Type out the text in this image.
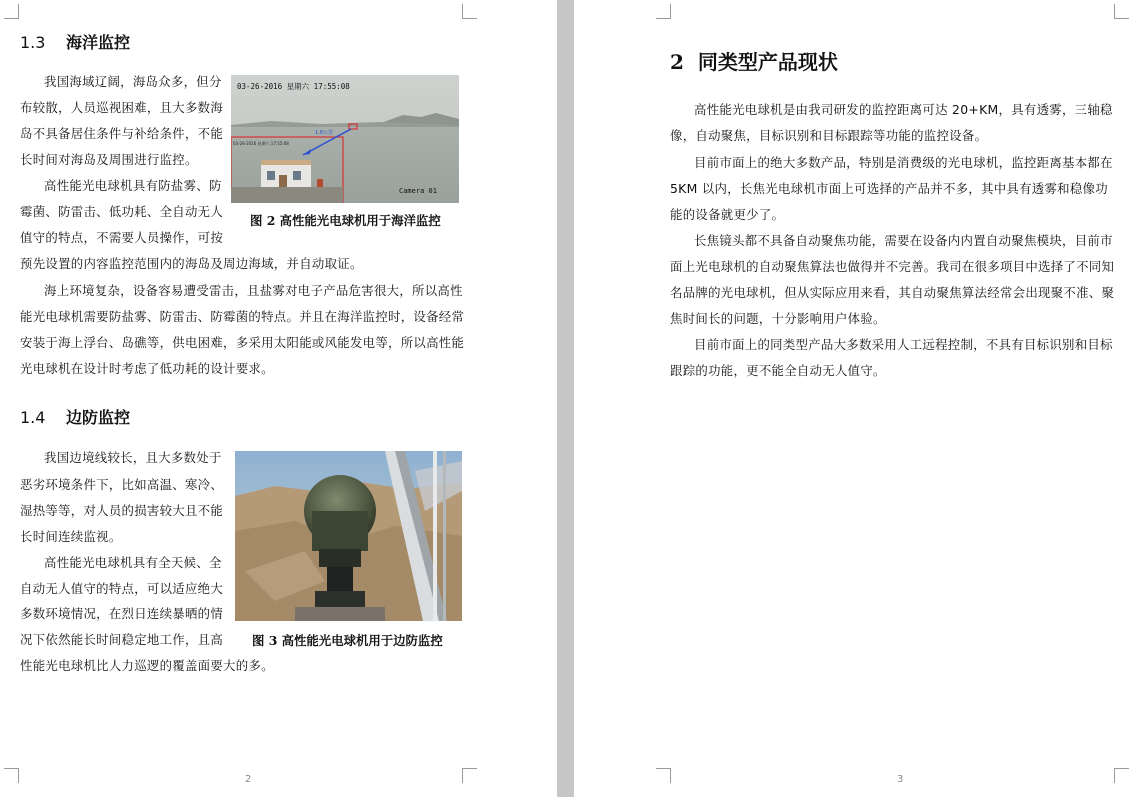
1.3 海洋监控
我国海域辽阔，海岛众多，但分
布较散，人员巡视困难，且大多数海
岛不具备居住条件与补给条件，不能
长时间对海岛及周围进行监控。
高性能光电球机具有防盐雾、防
霉菌、防雷击、低功耗、全自动无人
值守的特点，不需要人员操作，可按
预先设置的内容监控范围内的海岛及周边海域，并自动取证。
海上环境复杂，设备容易遭受雷击，且盐雾对电子产品危害很大，所以高性
能光电球机需要防盐雾、防雷击、防霉菌的特点。并且在海洋监控时，设备经常
安装于海上浮台、岛礁等，供电困难，多采用太阳能或风能发电等，所以高性能
光电球机在设计时考虑了低功耗的设计要求。
03-26-2016 星期六 17:55:08
03-26-2016 星期六 17:55:08
1.8公里
Camera 01
图 2 高性能光电球机用于海洋监控
1.4 边防监控
我国边境线较长，且大多数处于
恶劣环境条件下，比如高温、寒冷、
湿热等等，对人员的损害较大且不能
长时间连续监视。
高性能光电球机具有全天候、全
自动无人值守的特点，可以适应绝大
多数环境情况，在烈日连续暴晒的情
况下依然能长时间稳定地工作，且高
性能光电球机比人力巡逻的覆盖面要大的多。
图 3 高性能光电球机用于边防监控
2
2 同类型产品现状
高性能光电球机是由我司研发的监控距离可达 20+KM，具有透雾，三轴稳
像，自动聚焦，目标识别和目标跟踪等功能的监控设备。
目前市面上的绝大多数产品，特别是消费级的光电球机，监控距离基本都在
5KM 以内，长焦光电球机市面上可选择的产品并不多，其中具有透雾和稳像功
能的设备就更少了。
长焦镜头都不具备自动聚焦功能，需要在设备内内置自动聚焦模块，目前市
面上光电球机的自动聚焦算法也做得并不完善。我司在很多项目中选择了不同知
名品牌的光电球机，但从实际应用来看，其自动聚焦算法经常会出现聚不准、聚
焦时间长的问题，十分影响用户体验。
目前市面上的同类型产品大多数采用人工远程控制，不具有目标识别和目标
跟踪的功能，更不能全自动无人值守。
3
